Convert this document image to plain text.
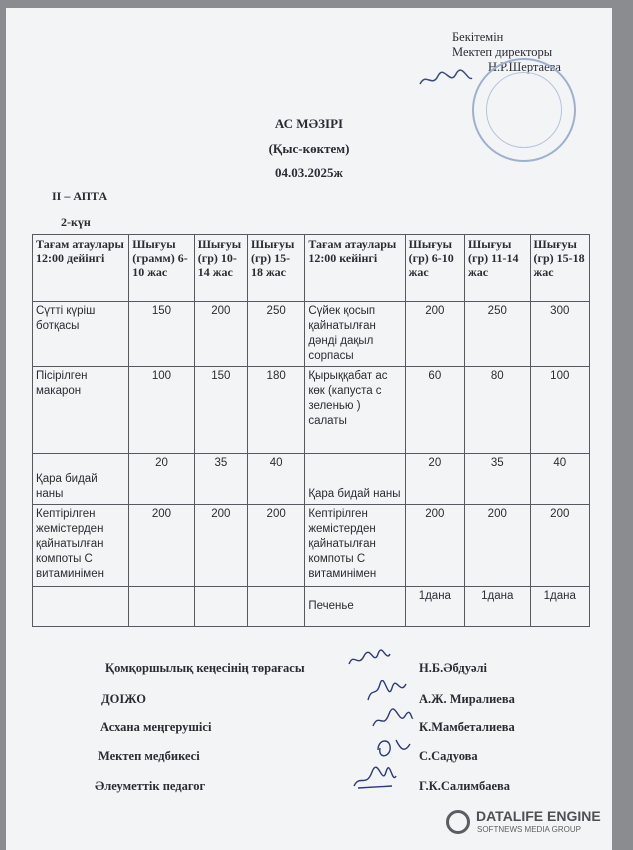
Бекітемін
Мектеп директоры
Н.Р.Шертаева
АС МӘЗІРІ
(Қыс-көктем)
04.03.2025ж
ІІ – АПТА
2-күн
Тағам атаулары 12:00 дейінгі	Шығуы (грамм) 6-10 жас	Шығуы (гр) 10-14 жас	Шығуы (гр) 15-18 жас	Тағам атаулары 12:00 кейінгі	Шығуы (гр) 6-10 жас	Шығуы (гр) 11-14 жас	Шығуы (гр) 15-18 жас
Сүтті күріш ботқасы	150	200	250	Сүйек қосып қайнатылған дәнді дақыл сорпасы	200	250	300
Пісірілген макарон	100	150	180	Қырыққабат ас көк (капуста с зеленью ) салаты	60	80	100
Қара бидай наны	20	35	40	Қара бидай наны	20	35	40
Кептірілген жемістерден қайнатылған компоты С витаминімен	200	200	200	Кептірілген жемістерден қайнатылған компоты С витаминімен	200	200	200
				Печенье	1дана	1дана	1дана
Қомқоршылық кеңесінің төрағасы	Н.Б.Әбдуәлі
ДОІЖО	А.Ж. Миралиева
Асхана меңгерушісі	К.Мамбеталиева
Мектеп медбикесі	С.Садуова
Әлеуметтік педагог	Г.К.Салимбаева
DATALIFE ENGINE
SOFTNEWS MEDIA GROUP
